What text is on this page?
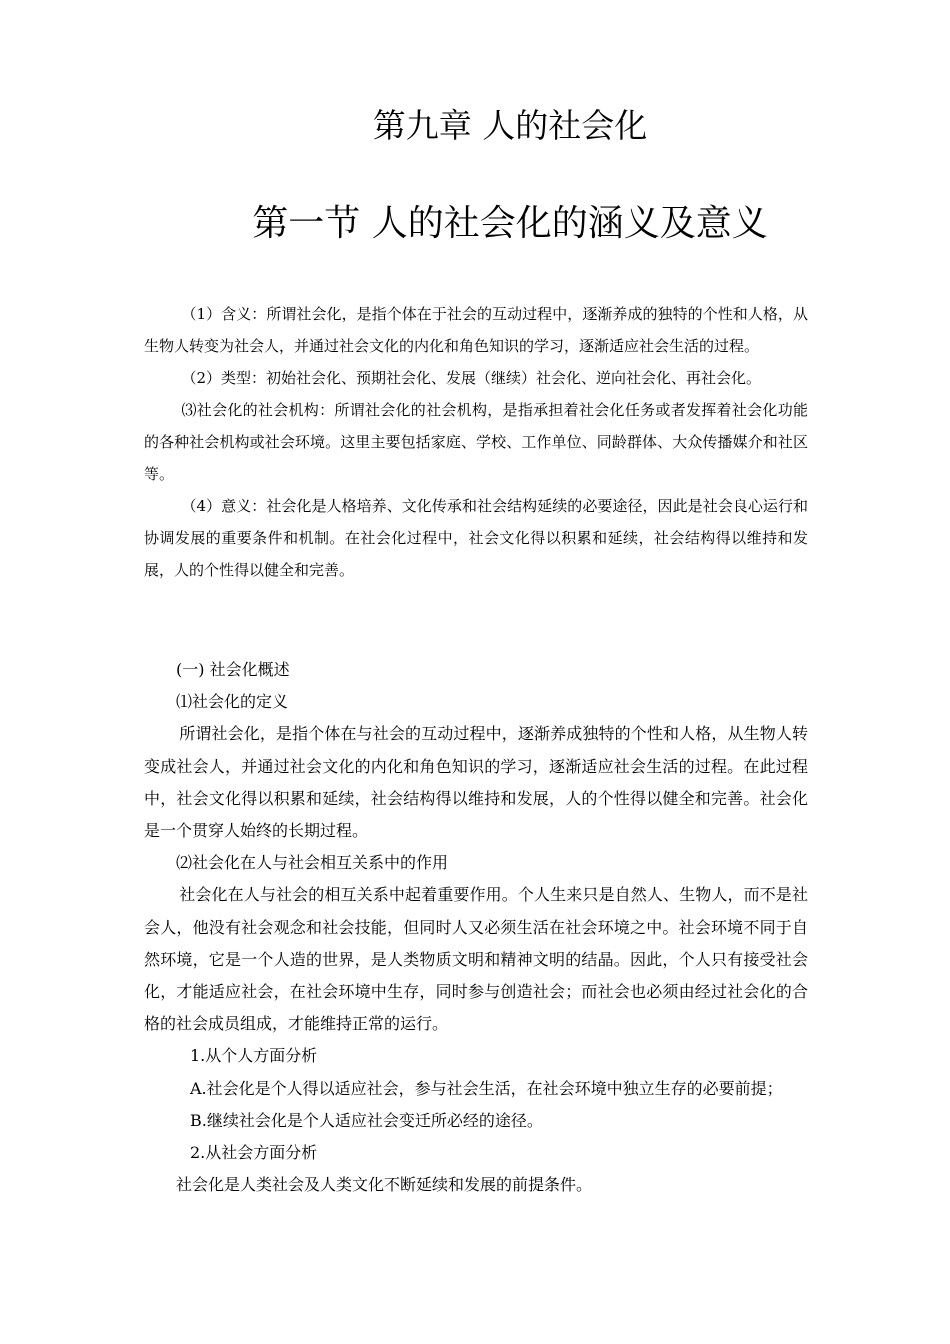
第九章 人的社会化
第一节 人的社会化的涵义及意义

（1）含义：所谓社会化，是指个体在于社会的互动过程中，逐渐养成的独特的个性和人格，从生物人转变为社会人，并通过社会文化的内化和角色知识的学习，逐渐适应社会生活的过程。

（2）类型：初始社会化、预期社会化、发展（继续）社会化、逆向社会化、再社会化。

⑶社会化的社会机构：所谓社会化的社会机构，是指承担着社会化任务或者发挥着社会化功能的各种社会机构或社会环境。这里主要包括家庭、学校、工作单位、同龄群体、大众传播媒介和社区等。

（4）意义：社会化是人格培养、文化传承和社会结构延续的必要途径，因此是社会良心运行和协调发展的重要条件和机制。在社会化过程中，社会文化得以积累和延续，社会结构得以维持和发展，人的个性得以健全和完善。

(一) 社会化概述

⑴社会化的定义

所谓社会化，是指个体在与社会的互动过程中，逐渐养成独特的个性和人格，从生物人转变成社会人，并通过社会文化的内化和角色知识的学习，逐渐适应社会生活的过程。在此过程中，社会文化得以积累和延续，社会结构得以维持和发展，人的个性得以健全和完善。社会化是一个贯穿人始终的长期过程。

⑵社会化在人与社会相互关系中的作用

社会化在人与社会的相互关系中起着重要作用。个人生来只是自然人、生物人，而不是社会人，他没有社会观念和社会技能，但同时人又必须生活在社会环境之中。社会环境不同于自然环境，它是一个人造的世界，是人类物质文明和精神文明的结晶。因此，个人只有接受社会化，才能适应社会，在社会环境中生存，同时参与创造社会；而社会也必须由经过社会化的合格的社会成员组成，才能维持正常的运行。

1.从个人方面分析

A.社会化是个人得以适应社会，参与社会生活，在社会环境中独立生存的必要前提；

B.继续社会化是个人适应社会变迁所必经的途径。

2.从社会方面分析

社会化是人类社会及人类文化不断延续和发展的前提条件。
